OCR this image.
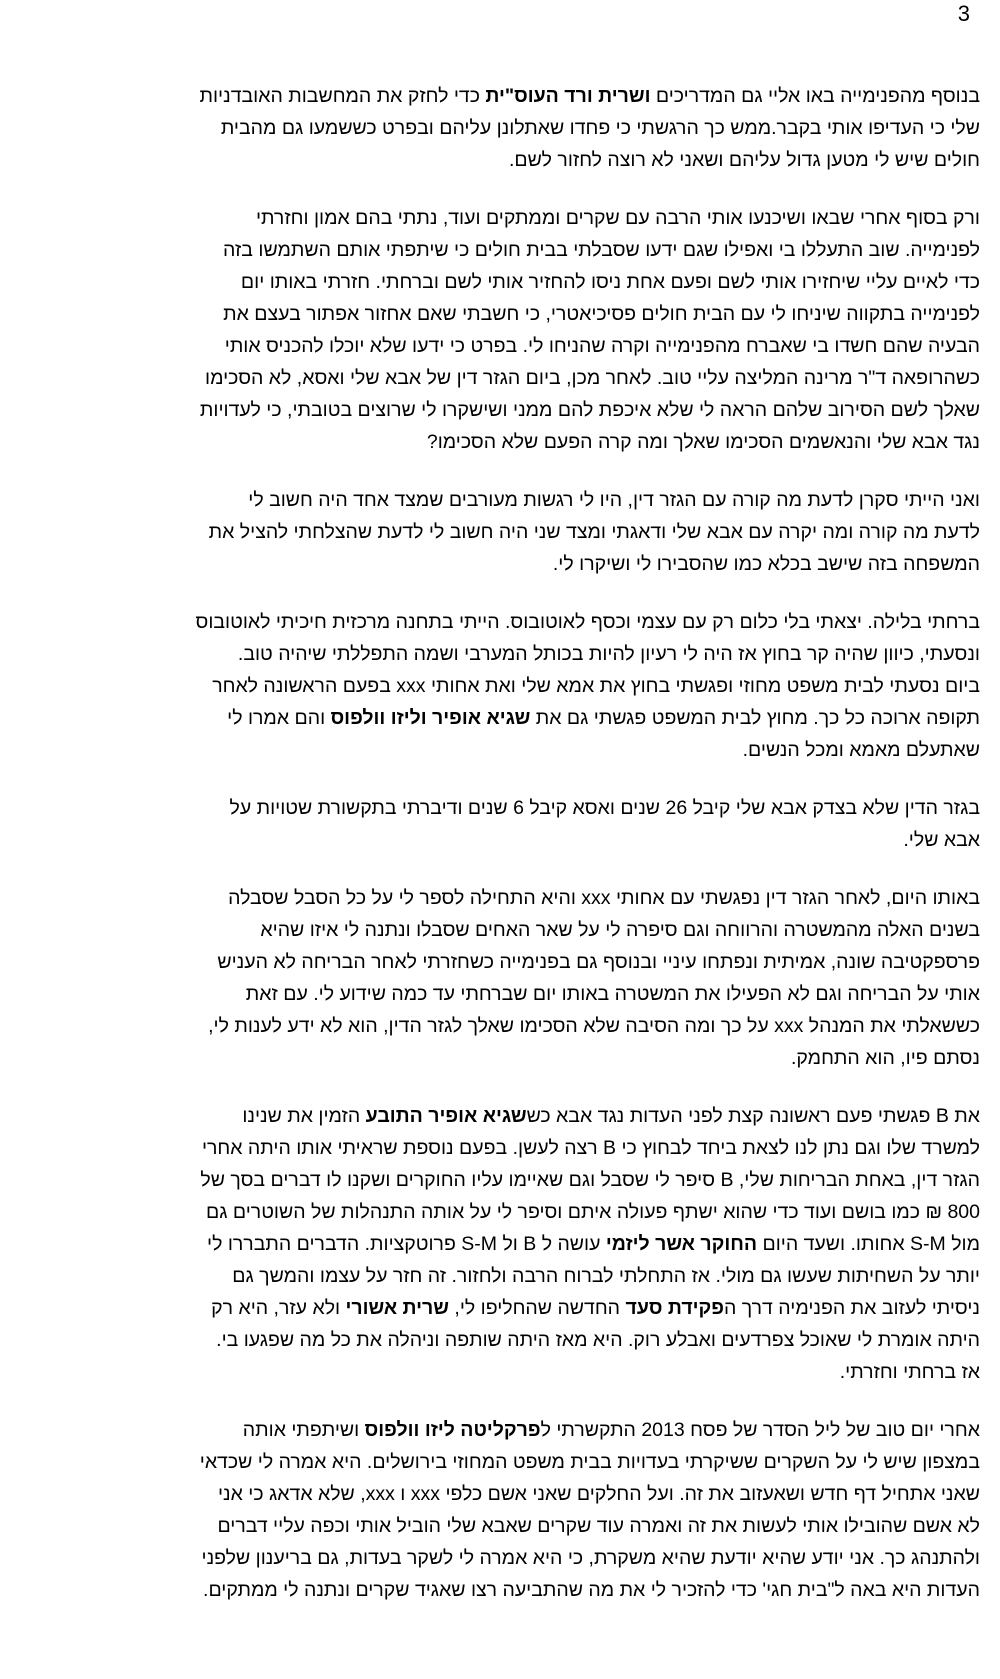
3
בנוסף מהפנימייה באו אליי גם המדריכים ושרית ורד העוס"ית כדי לחזק את המחשבות האובדניות
שלי כי העדיפו אותי בקבר.ממש כך הרגשתי כי פחדו שאתלונן עליהם ובפרט כששמעו גם מהבית
חולים שיש לי מטען גדול עליהם ושאני לא רוצה לחזור לשם.
ורק בסוף אחרי שבאו ושיכנעו אותי הרבה עם שקרים וממתקים ועוד, נתתי בהם אמון וחזרתי
לפנימייה. שוב התעללו בי ואפילו שגם ידעו שסבלתי בבית חולים כי שיתפתי אותם השתמשו בזה
כדי לאיים עליי שיחזירו אותי לשם ופעם אחת ניסו להחזיר אותי לשם וברחתי. חזרתי באותו יום
לפנימייה בתקווה שיניחו לי עם הבית חולים פסיכיאטרי, כי חשבתי שאם אחזור אפתור בעצם את
הבעיה שהם חשדו בי שאברח מהפנימייה וקרה שהניחו לי. בפרט כי ידעו שלא יוכלו להכניס אותי
כשהרופאה ד"ר מרינה המליצה עליי טוב. לאחר מכן, ביום הגזר דין של אבא שלי ואסא, לא הסכימו
שאלך לשם הסירוב שלהם הראה לי שלא איכפת להם ממני ושישקרו לי שרוצים בטובתי, כי לעדויות
נגד אבא שלי והנאשמים הסכימו שאלך ומה קרה הפעם שלא הסכימו?
ואני הייתי סקרן לדעת מה קורה עם הגזר דין, היו לי רגשות מעורבים שמצד אחד היה חשוב לי
לדעת מה קורה ומה יקרה עם אבא שלי ודאגתי ומצד שני היה חשוב לי לדעת שהצלחתי להציל את
המשפחה בזה שישב בכלא כמו שהסבירו לי ושיקרו לי.
ברחתי בלילה. יצאתי בלי כלום רק עם עצמי וכסף לאוטובוס. הייתי בתחנה מרכזית חיכיתי לאוטובוס
ונסעתי, כיוון שהיה קר בחוץ אז היה לי רעיון להיות בכותל המערבי ושמה התפללתי שיהיה טוב.
ביום נסעתי לבית משפט מחוזי ופגשתי בחוץ את אמא שלי ואת אחותי xxx בפעם הראשונה לאחר
תקופה ארוכה כל כך. מחוץ לבית המשפט פגשתי גם את שגיא אופיר וליזו וולפוס והם אמרו לי
שאתעלם מאמא ומכל הנשים.
בגזר הדין שלא בצדק אבא שלי קיבל 26 שנים ואסא קיבל 6 שנים ודיברתי בתקשורת שטויות על
אבא שלי.
באותו היום, לאחר הגזר דין נפגשתי עם אחותי xxx והיא התחילה לספר לי על כל הסבל שסבלה
בשנים האלה מהמשטרה והרווחה וגם סיפרה לי על שאר האחים שסבלו ונתנה לי איזו שהיא
פרספקטיבה שונה, אמיתית ונפתחו עיניי ובנוסף גם בפנימייה כשחזרתי לאחר הבריחה לא העניש
אותי על הבריחה וגם לא הפעילו את המשטרה באותו יום שברחתי עד כמה שידוע לי. עם זאת
כששאלתי את המנהל xxx על כך ומה הסיבה שלא הסכימו שאלך לגזר הדין, הוא לא ידע לענות לי,
נסתם פיו, הוא התחמק.
את B פגשתי פעם ראשונה קצת לפני העדות נגד אבא כששגיא אופיר התובע הזמין את שנינו
למשרד שלו וגם נתן לנו לצאת ביחד לבחוץ כי B רצה לעשן. בפעם נוספת שראיתי אותו היתה אחרי
הגזר דין, באחת הבריחות שלי, B סיפר לי שסבל וגם שאיימו עליו החוקרים ושקנו לו דברים בסך של
800 ₪ כמו בושם ועוד כדי שהוא ישתף פעולה איתם וסיפר לי על אותה התנהלות של השוטרים גם
מול S-M אחותו. ושעד היום החוקר אשר ליזמי עושה ל B ול S-M פרוטקציות. הדברים התבררו לי
יותר על השחיתות שעשו גם מולי. אז התחלתי לברוח הרבה ולחזור. זה חזר על עצמו והמשך גם
ניסיתי לעזוב את הפנימיה דרך הפקידת סעד החדשה שהחליפו לי, שרית אשורי ולא עזר, היא רק
היתה אומרת לי שאוכל צפרדעים ואבלע רוק. היא מאז היתה שותפה וניהלה את כל מה שפגעו בי.
אז ברחתי וחזרתי.
אחרי יום טוב של ליל הסדר של פסח 2013 התקשרתי לפרקליטה ליזו וולפוס ושיתפתי אותה
במצפון שיש לי על השקרים ששיקרתי בעדויות בבית משפט המחוזי בירושלים. היא אמרה לי שכדאי
שאני אתחיל דף חדש ושאעזוב את זה. ועל החלקים שאני אשם כלפי xxx ו xxx, שלא אדאג כי אני
לא אשם שהובילו אותי לעשות את זה ואמרה עוד שקרים שאבא שלי הוביל אותי וכפה עליי דברים
ולהתנהג כך. אני יודע שהיא יודעת שהיא משקרת, כי היא אמרה לי לשקר בעדות, גם בריענון שלפני
העדות היא באה ל"בית חגי' כדי להזכיר לי את מה שהתביעה רצו שאגיד שקרים ונתנה לי ממתקים.
